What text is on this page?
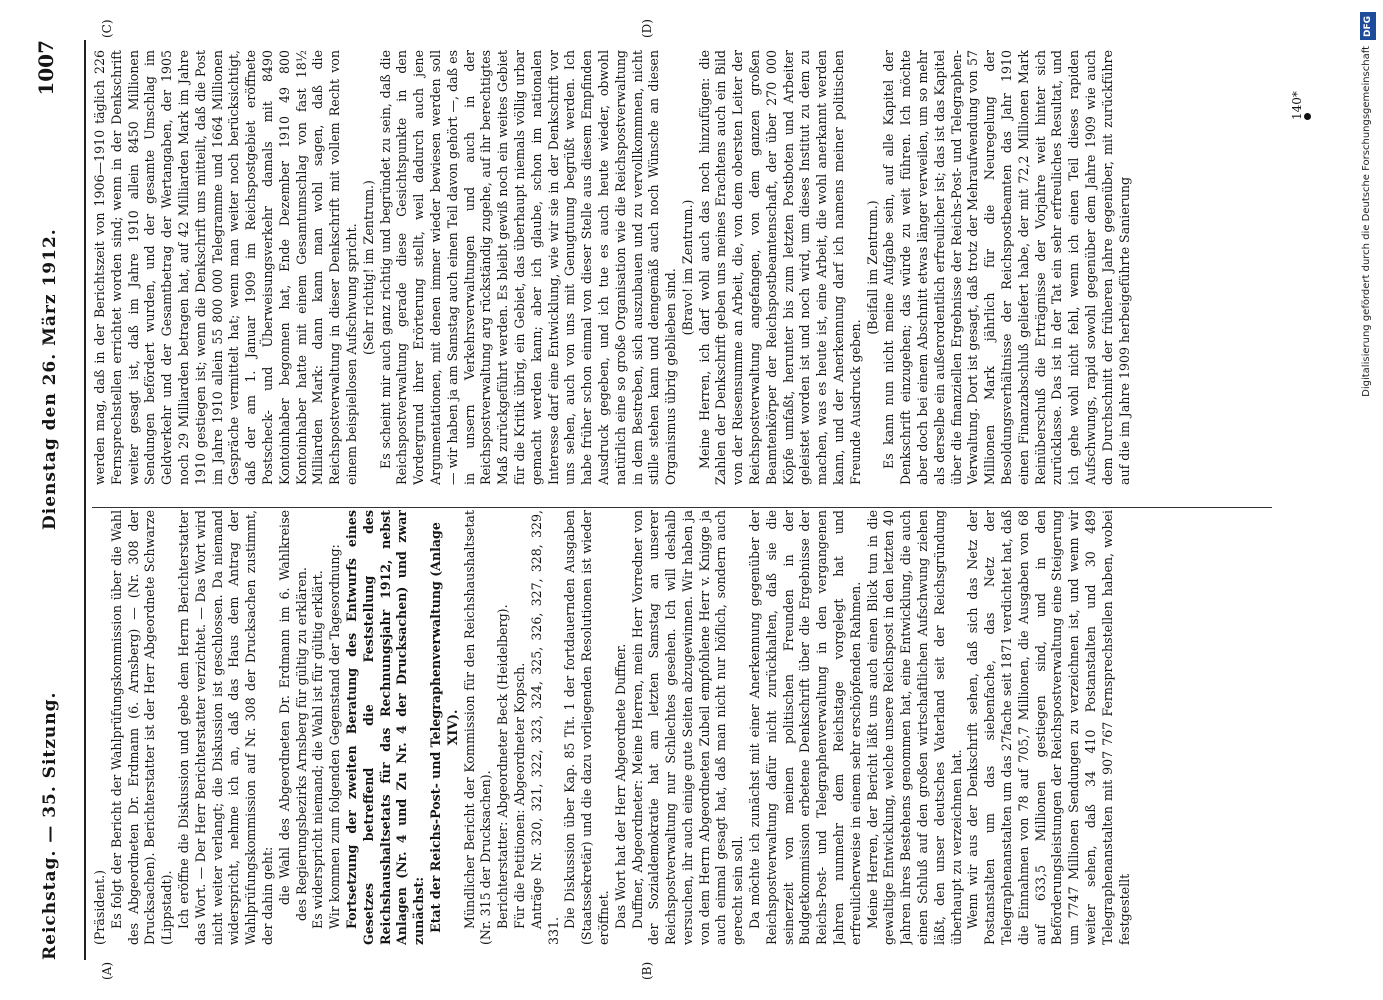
Reichstag. — 35. Sitzung.
Dienstag den 26. März 1912.
1007
(A)	(B)
(C)	(D)

(Präsident.) Es folgt der Bericht der Wahlprüfungskommission über die Wahl des Abgeordneten Dr. Erdmann (6. Arnsberg) — (Nr. 308 der Drucksachen). Berichterstatter ist der Herr Abgeordnete Schwarze (Lippstadt). Ich eröffne die Diskussion und gebe dem Herrn Berichterstatter das Wort. — Der Herr Berichterstatter verzichtet. — Das Wort wird nicht weiter verlangt; die Diskussion ist geschlossen. Da niemand widerspricht, nehme ich an, daß das Haus dem Antrag der Wahlprüfungskommission auf Nr. 308 der Drucksachen zustimmt, der dahin geht: die Wahl des Abgeordneten Dr. Erdmann im 6. Wahlkreise des Regierungsbezirks Arnsberg für gültig zu erklären. Es widerspricht niemand; die Wahl ist für gültig erklärt. Wir kommen zum folgenden Gegenstand der Tagesordnung: Fortsetzung der zweiten Beratung des Entwurfs eines Gesetzes betreffend die Feststellung des Reichshaushaltsetats für das Rechnungsjahr 1912, nebst Anlagen (Nr. 4 und Zu Nr. 4 der Drucksachen) und zwar zunächst: Etat der Reichs-Post- und Telegraphenverwaltung (Anlage XIV). Mündlicher Bericht der Kommission für den Reichshaushaltsetat (Nr. 315 der Drucksachen). Berichterstatter: Abgeordneter Beck (Heidelberg). Für die Petitionen: Abgeordneter Kopsch. Anträge Nr. 320, 321, 322, 323, 324, 325, 326, 327, 328, 329, 331.

Die Diskussion über Kap. 85 Tit. 1 der fortdauernden Ausgaben (Staatssekretär) und die dazu vorliegenden Resolutionen ist wieder eröffnet. Das Wort hat der Herr Abgeordnete Duffner. Duffner, Abgeordneter: Meine Herren, mein Herr Vorredner von der Sozialdemokratie hat am letzten Samstag an unserer Reichspostverwaltung nur Schlechtes gesehen. Ich will deshalb versuchen, ihr auch einige gute Seiten abzugewinnen. Wir haben ja von dem Herrn Abgeordneten Zubeil empfohlene Herr v. Knigge ja auch einmal gesagt hat, daß man nicht nur höflich, sondern auch gerecht sein soll. Da möchte ich zunächst mit einer Anerkennung gegenüber der Reichspostverwaltung dafür nicht zurückhalten, daß sie die seinerzeit von meinen politischen Freunden in der Budgetkommission erbetene Denkschrift über die Ergebnisse der Reichs-Post- und Telegraphenverwaltung in den vergangenen Jahren nunmehr dem Reichstage vorgelegt hat und erfreulicherweise in einem sehr erschöpfenden Rahmen. Meine Herren, der Bericht läßt uns auch einen Blick tun in die gewaltige Entwicklung, welche unsere Reichspost in den letzten 40 Jahren ihres Bestehens genommen hat, eine Entwicklung, die auch einen Schluß auf den großen wirtschaftlichen Aufschwung ziehen läßt, den unser deutsches Vaterland seit der Reichsgründung überhaupt zu verzeichnen hat. Wenn wir aus der Denkschrift sehen, daß sich das Netz der Postanstalten um das siebenfache, das Netz der Telegraphenanstalten um das 27fache seit 1871 verdichtet hat, daß die Einnahmen von 78 auf 705,7 Millionen, die Ausgaben von 68 auf 633,5 Millionen gestiegen sind, und in den Beförderungsleistungen der Reichspostverwaltung eine Steigerung um 7747 Millionen Sendungen zu verzeichnen ist, und wenn wir weiter sehen, daß 34 410 Postanstalten und 30 489 Telegraphenanstalten mit 907 767 Fernsprechstellen haben, wobei festgestellt

werden mag, daß in der Berichtszeit von 1906—1910 täglich 226 Fernsprechstellen errichtet worden sind; wenn in der Denkschrift weiter gesagt ist, daß im Jahre 1910 allein 8450 Millionen Sendungen befördert wurden, und der gesamte Umschlag im Geldverkehr und der Gesamtbetrag der Wertangaben, der 1905 noch 29 Milliarden betragen hat, auf 42 Milliarden Mark im Jahre 1910 gestiegen ist; wenn die Denkschrift uns mitteilt, daß die Post im Jahre 1910 allein 55 800 000 Telegramme und 1664 Millionen Gespräche vermittelt hat; wenn man weiter noch berücksichtigt, daß der am 1. Januar 1909 im Reichspostgebiet eröffnete Postscheck- und Überweisungsverkehr damals mit 8490 Kontoinhaber begonnen hat, Ende Dezember 1910 49 800 Kontoinhaber hatte mit einem Gesamtumschlag von fast 18½ Milliarden Mark: dann kann man wohl sagen, daß die Reichspostverwaltung in dieser Denkschrift mit vollem Recht von einem beispiellosen Aufschwung spricht. (Sehr richtig! im Zentrum.) Es scheint mir auch ganz richtig und begründet zu sein, daß die Reichspostverwaltung gerade diese Gesichtspunkte in den Vordergrund ihrer Erörterung stellt, weil dadurch auch jene Argumentationen, mit denen immer wieder bewiesen werden soll — wir haben ja am Samstag auch einen Teil davon gehört —, daß es in unsern Verkehrsverwaltungen und auch in der Reichspostverwaltung arg rückständig zugehe, auf ihr berechtigtes Maß zurückgeführt werden. Es bleibt gewiß noch ein weites Gebiet für die Kritik übrig, ein Gebiet, das überhaupt niemals völlig urbar gemacht werden kann; aber ich glaube, schon im nationalen Interesse darf eine Entwicklung, wie wir sie in der Denkschrift vor uns sehen, auch von uns mit Genugtuung begrüßt werden. Ich habe früher schon einmal von dieser Stelle aus diesem Empfinden Ausdruck gegeben, und ich tue es auch heute wieder, obwohl natürlich eine so große Organisation wie die Reichspostverwaltung in dem Bestreben, sich auszubauen und zu vervollkommnen, nicht stille stehen kann und demgemäß auch noch Wünsche an diesen Organismus übrig geblieben sind.

(Bravo! im Zentrum.) Meine Herren, ich darf wohl auch das noch hinzufügen: die Zahlen der Denkschrift geben uns meines Erachtens auch ein Bild von der Riesensumme an Arbeit, die, von dem obersten Leiter der Reichspostverwaltung angefangen, von dem ganzen großen Beamtenkörper der Reichspostbeamtenschaft, der über 270 000 Köpfe umfaßt, herunter bis zum letzten Postboten und Arbeiter geleistet worden ist und noch wird, um dieses Institut zu dem zu machen, was es heute ist, eine Arbeit, die wohl anerkannt werden kann, und der Anerkennung darf ich namens meiner politischen Freunde Ausdruck geben.

(Beifall im Zentrum.) Es kann nun nicht meine Aufgabe sein, auf alle Kapitel der Denkschrift einzugehen; das würde zu weit führen. Ich möchte aber doch bei einem Abschnitt etwas länger verweilen, um so mehr als derselbe ein außerordentlich erfreulicher ist; das ist das Kapitel über die finanziellen Ergebnisse der Reichs-Post- und Telegraphen-Verwaltung. Dort ist gesagt, daß trotz der Mehraufwendung von 57 Millionen Mark jährlich für die Neuregelung der Besoldungsverhältnisse der Reichspostbeamten das Jahr 1910 einen Finanzabschluß geliefert habe, der mit 72,2 Millionen Mark Reinüberschuß die Erträgnisse der Vorjahre weit hinter sich zurücklasse. Das ist in der Tat ein sehr erfreuliches Resultat, und ich gehe wohl nicht fehl, wenn ich einen Teil dieses rapiden Aufschwungs, rapid sowohl gegenüber dem Jahre 1909 wie auch dem Durchschnitt der früheren Jahre gegenüber, mit zurückführe auf die im Jahre 1909 herbeigeführte Sanierung

140*
DFG
Digitalisierung gefördert durch die Deutsche Forschungsgemeinschaft
